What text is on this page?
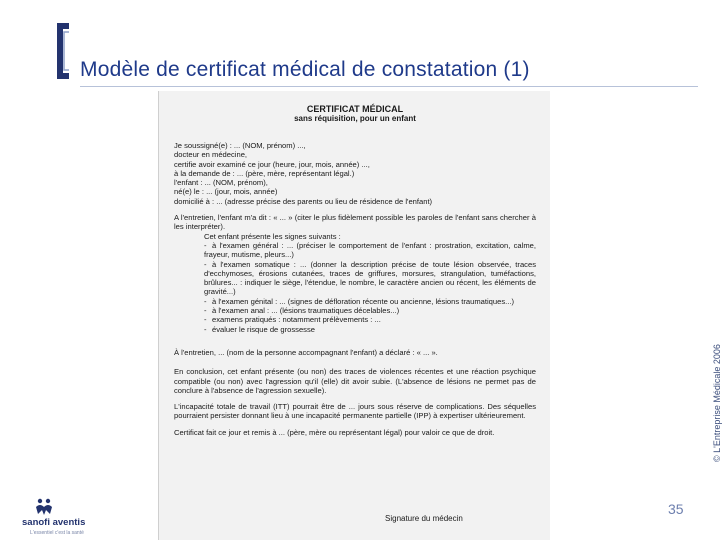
Modèle de certificat médical de constatation (1)
CERTIFICAT MÉDICAL
sans réquisition, pour un enfant
Je soussigné(e) : ... (NOM, prénom) ...,
docteur en médecine,
certifie avoir examiné ce jour (heure, jour, mois, année) ...,
à la demande de : ... (père, mère, représentant légal.)
l'enfant : ... (NOM, prénom),
né(e) le : ... (jour, mois, année)
domicilié à : ... (adresse précise des parents ou lieu de résidence de l'enfant)
A l'entretien, l'enfant m'a dit : « ... » (citer le plus fidèlement possible les paroles de l'enfant sans chercher à les interpréter).
Cet enfant présente les signes suivants :
- à l'examen général : ... (préciser le comportement de l'enfant : prostration, excitation, calme, frayeur, mutisme, pleurs...)
- à l'examen somatique : ... (donner la description précise de toute lésion observée, traces d'ecchymoses, érosions cutanées, traces de griffures, morsures, strangulation, tuméfactions, brûlures... : indiquer le siège, l'étendue, le nombre, le caractère ancien ou récent, les éléments de gravité...)
- à l'examen génital : ... (signes de défloration récente ou ancienne, lésions traumatiques...)
- à l'examen anal : ... (lésions traumatiques décelables...)
- examens pratiqués : notamment prélèvements : ...
- évaluer le risque de grossesse
À l'entretien, ... (nom de la personne accompagnant l'enfant) a déclaré : « ... ».
En conclusion, cet enfant présente (ou non) des traces de violences récentes et une réaction psychique compatible (ou non) avec l'agression qu'il (elle) dit avoir subie. (L'absence de lésions ne permet pas de conclure à l'absence de l'agression sexuelle).
L'incapacité totale de travail (ITT) pourrait être de ... jours sous réserve de complications. Des séquelles pourraient persister donnant lieu à une incapacité permanente partielle (IPP) à expertiser ultérieurement.
Certificat fait ce jour et remis à ... (père, mère ou représentant légal) pour valoir ce que de droit.
Signature du médecin
© L'Entreprise Médicale 2006
35
sanofi aventis
L'essentiel c'est la santé
